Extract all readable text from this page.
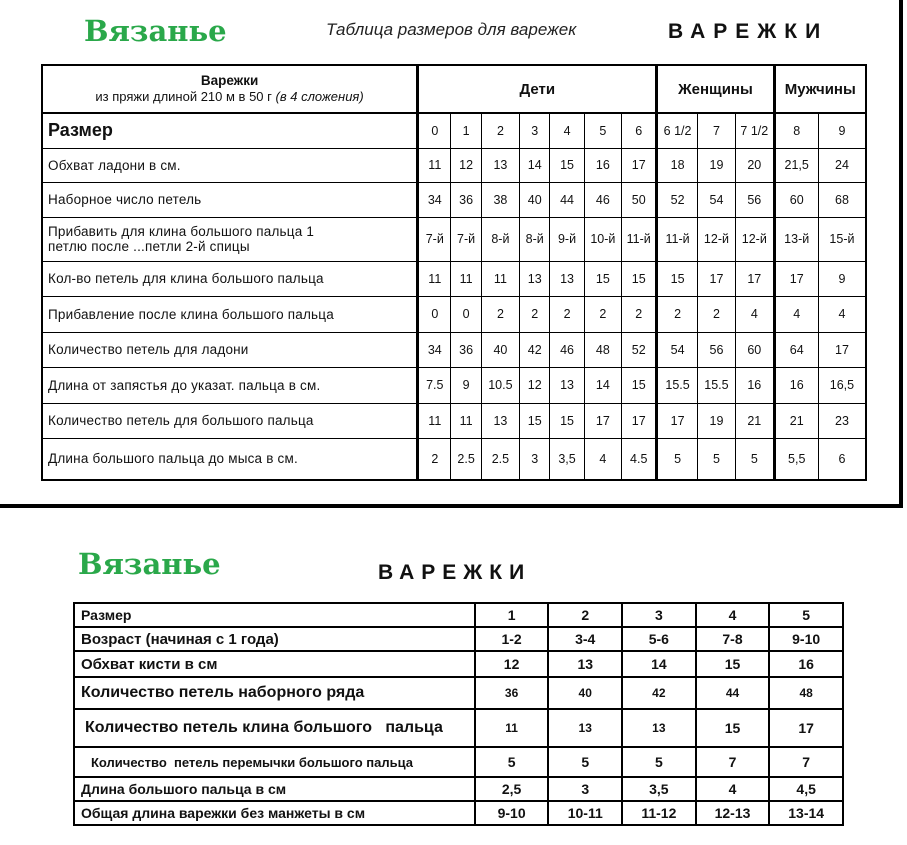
Вязанье	Таблица размеров для варежек	ВАРЕЖКИ
Варежки
из пряжи длиной 210 м в 50 г (в 4 сложения)	Дети							Женщины			Мужчины	
Размер	0	1	2	3	4	5	6	6 1/2	7	7 1/2	8	9
Обхват ладони в см.	11	12	13	14	15	16	17	18	19	20	21,5	24
Наборное число петель	34	36	38	40	44	46	50	52	54	56	60	68
Прибавить для клина большого пальца 1
петлю после ...петли 2-й спицы	7-й	7-й	8-й	8-й	9-й	10-й	11-й	11-й	12-й	12-й	13-й	15-й
Кол-во петель для клина большого пальца	11	11	11	13	13	15	15	15	17	17	17	9
Прибавление после клина большого пальца	0	0	2	2	2	2	2	2	2	4	4	4
Количество петель для ладони	34	36	40	42	46	48	52	54	56	60	64	17
Длина от запястья до указат. пальца в см.	7.5	9	10.5	12	13	14	15	15.5	15.5	16	16	16,5
Количество петель для большого пальца	11	11	13	15	15	17	17	17	19	21	21	23
Длина большого пальца до мыса в см.	2	2.5	2.5	3	3,5	4	4.5	5	5	5	5,5	6
Вязанье	ВАРЕЖКИ
Размер	1	2	3	4	5
Возраст (начиная с 1 года)	1-2	3-4	5-6	7-8	9-10
Обхват кисти в см	12	13	14	15	16
Количество петель наборного ряда	36	40	42	44	48
Количество петель клина большого   пальца	11	13	13	15	17
Количество  петель перемычки большого пальца	5	5	5	7	7
Длина большого пальца в см	2,5	3	3,5	4	4,5
Общая длина варежки без манжеты в см	9-10	10-11	11-12	12-13	13-14
